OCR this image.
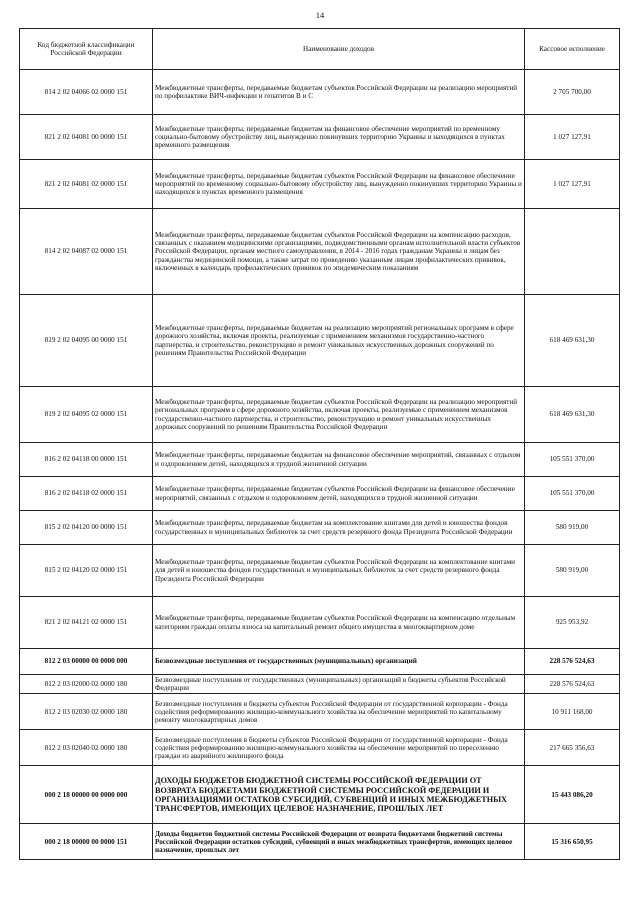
14
Код бюджетной классификации Российской Федерации	Наименование доходов	Кассовое исполнение
814 2 02 04066 02 0000 151	Межбюджетные трансферты, передаваемые бюджетам субъектов Российской Федерации на реализацию мероприятий по профилактике ВИЧ-инфекции и гепатитов В и С	2 705 700,00
821 2 02 04081 00 0000 151	Межбюджетные трансферты, передаваемые бюджетам на финансовое обеспечение мероприятий по временному социально-бытовому обустройству лиц, вынужденно покинувших территорию Украины и находящихся в пунктах временного размещения	1 027 127,91
821 2 02 04081 02 0000 151	Межбюджетные трансферты, передаваемые бюджетам субъектов Российской Федерации на финансовое обеспечение мероприятий по временному социально-бытовому обустройству лиц, вынужденно покинувших территорию Украины и находящихся в пунктах временного размещения	1 027 127,91
814 2 02 04087 02 0000 151	Межбюджетные трансферты, передаваемые бюджетам субъектов Российской Федерации на компенсацию расходов, связанных с оказанием медицинскими организациями, подведомственными органам исполнительной власти субъектов Российской Федерации, органам местного самоуправления, в 2014 - 2016 годах гражданам Украины и лицам без гражданства медицинской помощи, а также затрат по проведению указанным лицам профилактических прививок, включенных в календарь профилактических прививок по эпидемическим показаниям	
819 2 02 04095 00 0000 151	Межбюджетные трансферты, передаваемые бюджетам на реализацию мероприятий региональных программ в сфере дорожного хозяйства, включая проекты, реализуемые с применением механизмов государственно-частного партнерства, и строительство, реконструкцию и ремонт уникальных искусственных дорожных сооружений по решениям Правительства Российской Федерации	618 469 631,30
819 2 02 04095 02 0000 151	Межбюджетные трансферты, передаваемые бюджетам субъектов Российской Федерации на реализацию мероприятий региональных программ в сфере дорожного хозяйства, включая проекты, реализуемые с применением механизмов государственно-частного партнерства, и строительство, реконструкцию и ремонт уникальных искусственных дорожных сооружений по решениям Правительства Российской Федерации	618 469 631,30
816 2 02 04118 00 0000 151	Межбюджетные трансферты, передаваемые бюджетам на финансовое обеспечение мероприятий, связанных с отдыхом и оздоровлением детей, находящихся в трудной жизненной ситуации	105 551 370,00
816 2 02 04118 02 0000 151	Межбюджетные трансферты, передаваемые бюджетам субъектов Российской Федерации на финансовое обеспечение мероприятий, связанных с отдыхом и оздоровлением детей, находящихся в трудной жизненной ситуации	105 551 370,00
815 2 02 04120 00 0000 151	Межбюджетные трансферты, передаваемые бюджетам на комплектование книгами для детей и юношества фондов государственных и муниципальных библиотек за счет средств резервного фонда Президента Российской Федерации	580 919,00
815 2 02 04120 02 0000 151	Межбюджетные трансферты, передаваемые бюджетам субъектов Российской Федерации на комплектование книгами для детей и юношества фондов государственных и муниципальных библиотек за счет средств резервного фонда Президента Российской Федерации	580 919,00
821 2 02 04121 02 0000 151	Межбюджетные трансферты, передаваемые бюджетам субъектов Российской Федерации на компенсацию отдельным категориям граждан оплаты взноса на капитальный ремонт общего имущества в многоквартирном доме	925 953,92
812 2 03 00000 00 0000 000	Безвозмездные поступления от государственных (муниципальных) организаций	228 576 524,63
812 2 03 02000 02 0000 180	Безвозмездные поступления от государственных (муниципальных) организаций в бюджеты субъектов Российской Федерации	228 576 524,63
812 2 03 02030 02 0000 180	Безвозмездные поступления в бюджеты субъектов Российской Федерации от государственной корпорации - Фонда содействия реформированию жилищно-коммунального хозяйства на обеспечение мероприятий по капитальному ремонту многоквартирных домов	10 911 168,00
812 2 03 02040 02 0000 180	Безвозмездные поступления в бюджеты субъектов Российской Федерации от государственной корпорации - Фонда содействия реформированию жилищно-коммунального хозяйства на обеспечение мероприятий по переселению граждан из аварийного жилищного фонда	217 665 356,63
000 2 18 00000 00 0000 000	ДОХОДЫ БЮДЖЕТОВ БЮДЖЕТНОЙ СИСТЕМЫ РОССИЙСКОЙ ФЕДЕРАЦИИ ОТ ВОЗВРАТА БЮДЖЕТАМИ БЮДЖЕТНОЙ СИСТЕМЫ РОССИЙСКОЙ ФЕДЕРАЦИИ И ОРГАНИЗАЦИЯМИ ОСТАТКОВ СУБСИДИЙ, СУБВЕНЦИЙ И ИНЫХ МЕЖБЮДЖЕТНЫХ ТРАНСФЕРТОВ, ИМЕЮЩИХ ЦЕЛЕВОЕ НАЗНАЧЕНИЕ, ПРОШЛЫХ ЛЕТ	15 443 086,20
000 2 18 00000 00 0000 151	Доходы бюджетов бюджетной системы Российской Федерации от возврата бюджетами бюджетной системы Российской Федерации остатков субсидий, субвенций и иных межбюджетных трансфертов, имеющих целевое назначение, прошлых лет	15 316 650,95
